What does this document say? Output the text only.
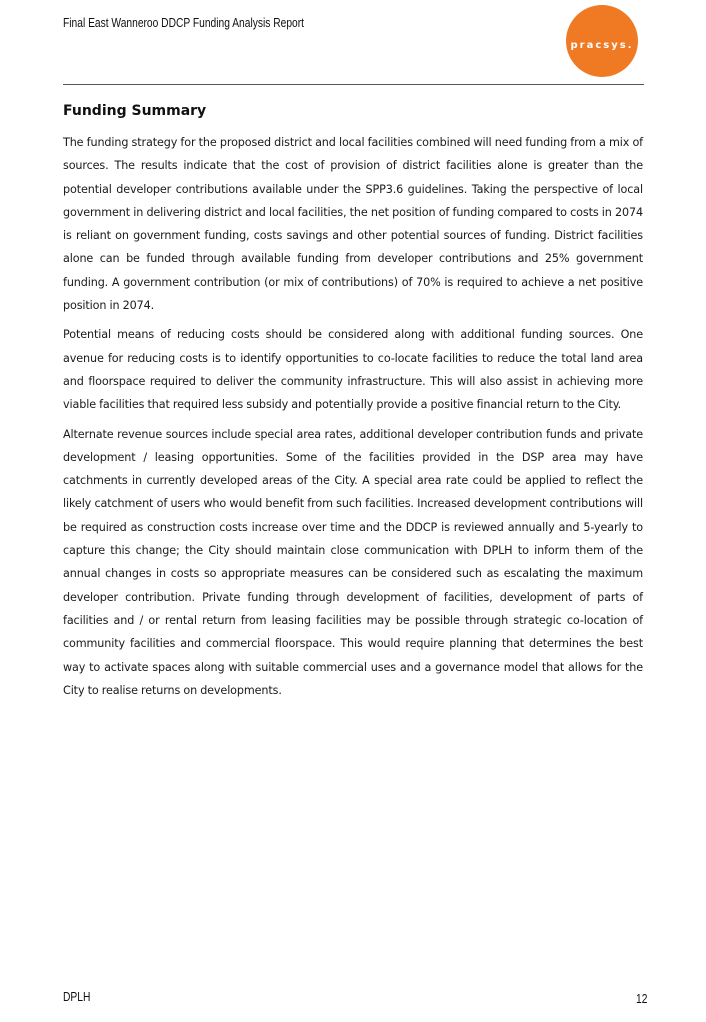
Final East Wanneroo DDCP Funding Analysis Report
pracsys.
Funding Summary

The funding strategy for the proposed district and local facilities combined will need funding from a mix of sources. The results indicate that the cost of provision of district facilities alone is greater than the potential developer contributions available under the SPP3.6 guidelines. Taking the perspective of local government in delivering district and local facilities, the net position of funding compared to costs in 2074 is reliant on government funding, costs savings and other potential sources of funding. District facilities alone can be funded through available funding from developer contributions and 25% government funding. A government contribution (or mix of contributions) of 70% is required to achieve a net positive position in 2074.

Potential means of reducing costs should be considered along with additional funding sources. One avenue for reducing costs is to identify opportunities to co-locate facilities to reduce the total land area and floorspace required to deliver the community infrastructure. This will also assist in achieving more viable facilities that required less subsidy and potentially provide a positive financial return to the City.

Alternate revenue sources include special area rates, additional developer contribution funds and private development / leasing opportunities. Some of the facilities provided in the DSP area may have catchments in currently developed areas of the City. A special area rate could be applied to reflect the likely catchment of users who would benefit from such facilities. Increased development contributions will be required as construction costs increase over time and the DDCP is reviewed annually and 5-yearly to capture this change; the City should maintain close communication with DPLH to inform them of the annual changes in costs so appropriate measures can be considered such as escalating the maximum developer contribution. Private funding through development of facilities, development of parts of facilities and / or rental return from leasing facilities may be possible through strategic co-location of community facilities and commercial floorspace. This would require planning that determines the best way to activate spaces along with suitable commercial uses and a governance model that allows for the City to realise returns on developments.

DPLH	12
